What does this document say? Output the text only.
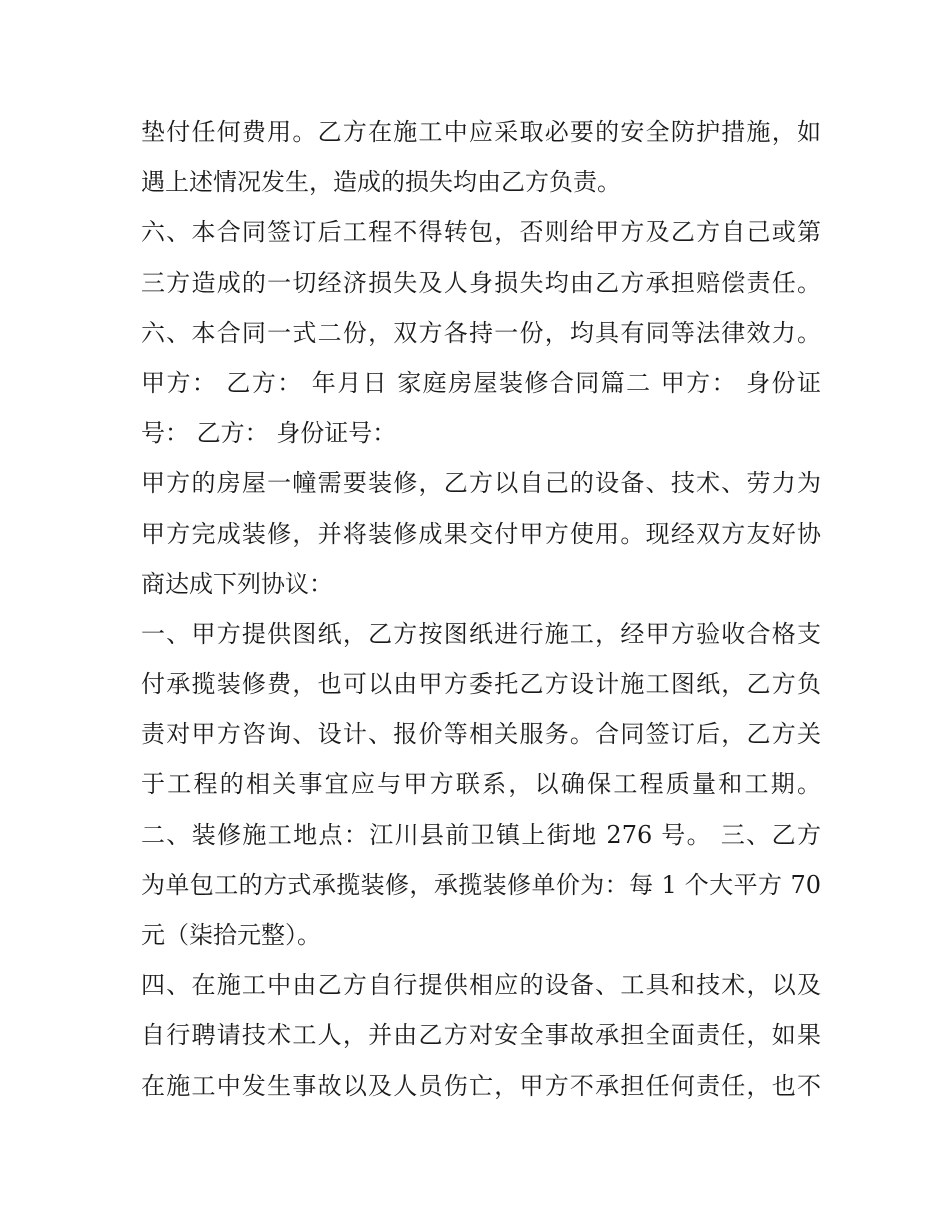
垫付任何费用。乙方在施工中应采取必要的安全防护措施，如
遇上述情况发生，造成的损失均由乙方负责。
六、本合同签订后工程不得转包，否则给甲方及乙方自己或第
三方造成的一切经济损失及人身损失均由乙方承担赔偿责任。
六、本合同一式二份，双方各持一份，均具有同等法律效力。
甲方： 乙方： 年月日 家庭房屋装修合同篇二 甲方： 身份证
号： 乙方： 身份证号：
甲方的房屋一幢需要装修，乙方以自己的设备、技术、劳力为
甲方完成装修，并将装修成果交付甲方使用。现经双方友好协
商达成下列协议：
一、甲方提供图纸，乙方按图纸进行施工，经甲方验收合格支
付承揽装修费，也可以由甲方委托乙方设计施工图纸，乙方负
责对甲方咨询、设计、报价等相关服务。合同签订后，乙方关
于工程的相关事宜应与甲方联系，以确保工程质量和工期。
二、装修施工地点：江川县前卫镇上街地 276 号。 三、乙方
为单包工的方式承揽装修，承揽装修单价为：每 1 个大平方 70
元（柒拾元整）。
四、在施工中由乙方自行提供相应的设备、工具和技术，以及
自行聘请技术工人，并由乙方对安全事故承担全面责任，如果
在施工中发生事故以及人员伤亡，甲方不承担任何责任，也不
